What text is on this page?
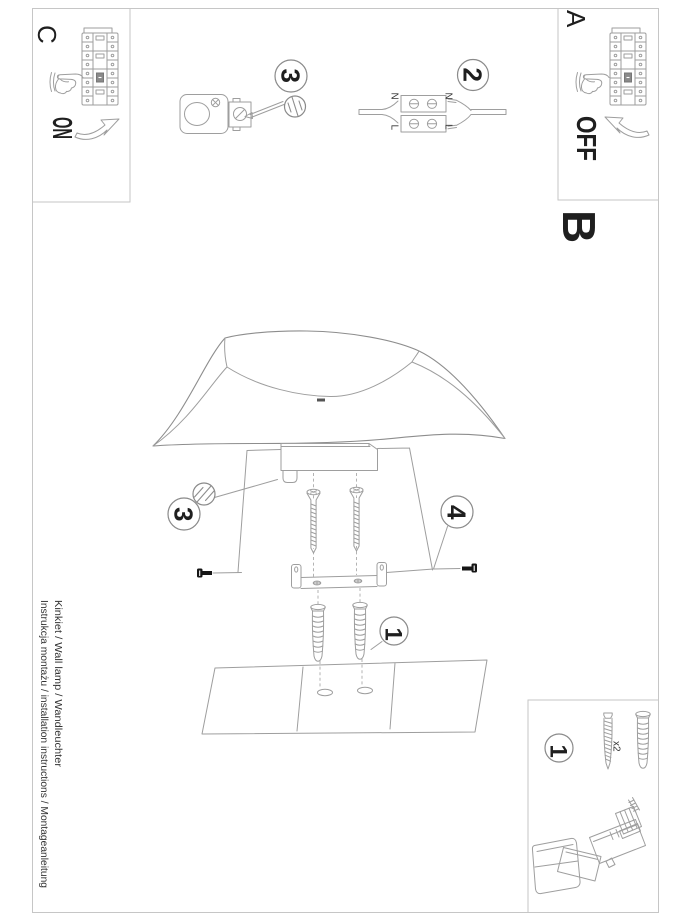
C
A
B
ON	OFF
3	2
3	4
1
1
N	N
L	L
x2
Instrukcja montażu / installation instructions / Montageanleitung Kinkiet / Wall lamp / Wandleuchter
